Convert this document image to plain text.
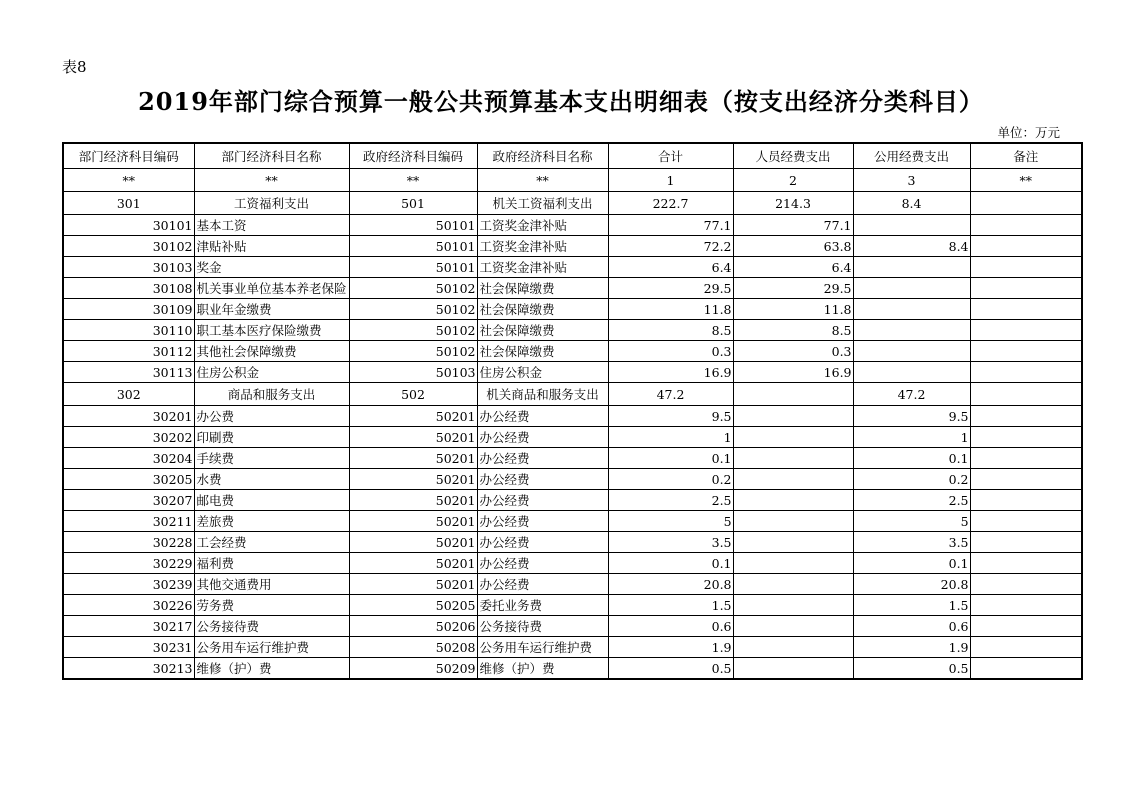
表8
2019年部门综合预算一般公共预算基本支出明细表（按支出经济分类科目）
单位：万元
部门经济科目编码	部门经济科目名称	政府经济科目编码	政府经济科目名称	合计	人员经费支出	公用经费支出	备注
**	**	**	**	1	2	3	**
301	工资福利支出	501	机关工资福利支出	222.7	214.3	8.4	
30101	基本工资	50101	工资奖金津补贴	77.1	77.1		
30102	津贴补贴	50101	工资奖金津补贴	72.2	63.8	8.4	
30103	奖金	50101	工资奖金津补贴	6.4	6.4		
30108	机关事业单位基本养老保险	50102	社会保障缴费	29.5	29.5		
30109	职业年金缴费	50102	社会保障缴费	11.8	11.8		
30110	职工基本医疗保险缴费	50102	社会保障缴费	8.5	8.5		
30112	其他社会保障缴费	50102	社会保障缴费	0.3	0.3		
30113	住房公积金	50103	住房公积金	16.9	16.9		
302	商品和服务支出	502	机关商品和服务支出	47.2		47.2	
30201	办公费	50201	办公经费	9.5		9.5	
30202	印刷费	50201	办公经费	1		1	
30204	手续费	50201	办公经费	0.1		0.1	
30205	水费	50201	办公经费	0.2		0.2	
30207	邮电费	50201	办公经费	2.5		2.5	
30211	差旅费	50201	办公经费	5		5	
30228	工会经费	50201	办公经费	3.5		3.5	
30229	福利费	50201	办公经费	0.1		0.1	
30239	其他交通费用	50201	办公经费	20.8		20.8	
30226	劳务费	50205	委托业务费	1.5		1.5	
30217	公务接待费	50206	公务接待费	0.6		0.6	
30231	公务用车运行维护费	50208	公务用车运行维护费	1.9		1.9	
30213	维修（护）费	50209	维修（护）费	0.5		0.5	
